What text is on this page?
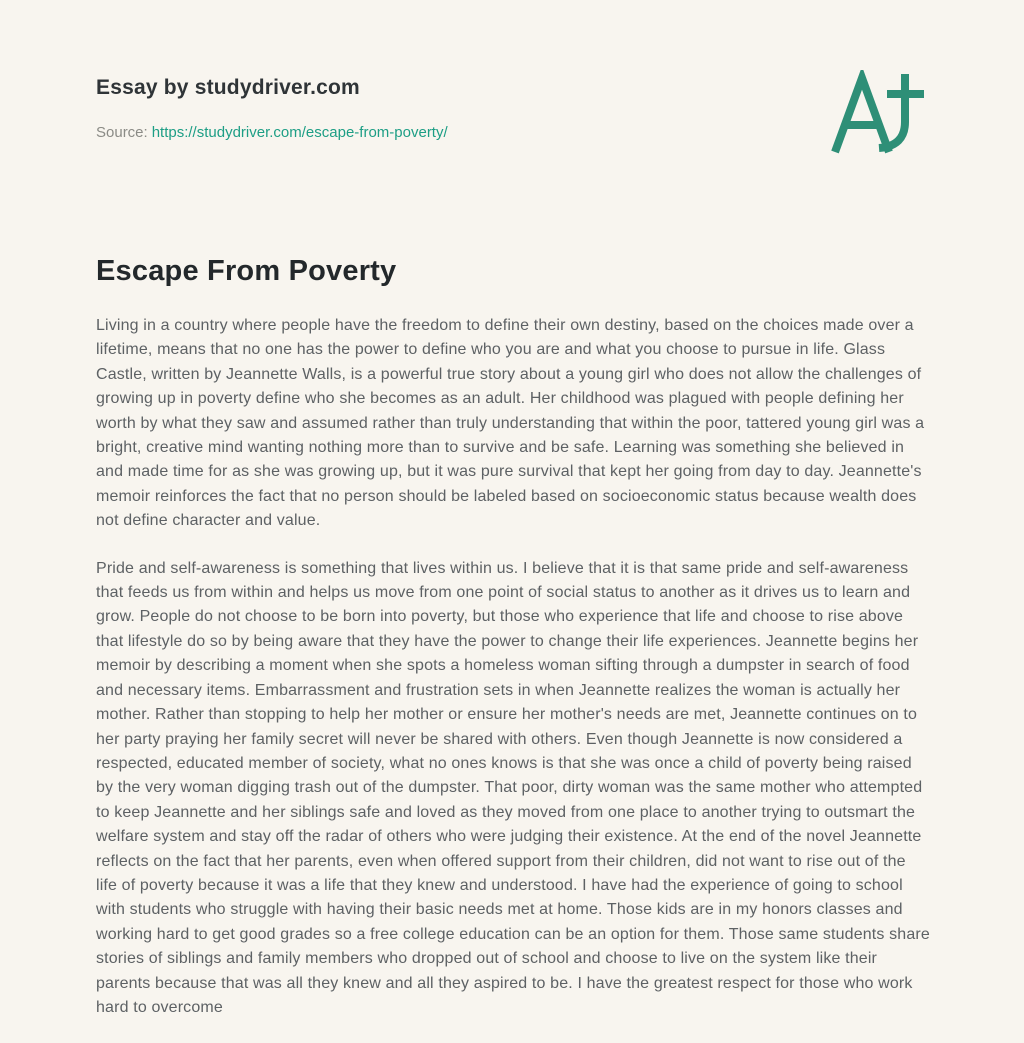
Essay by studydriver.com
Source: https://studydriver.com/escape-from-poverty/
Escape From Poverty

Living in a country where people have the freedom to define their own destiny, based on the choices made over a lifetime, means that no one has the power to define who you are and what you choose to pursue in life. Glass Castle, written by Jeannette Walls, is a powerful true story about a young girl who does not allow the challenges of growing up in poverty define who she becomes as an adult. Her childhood was plagued with people defining her worth by what they saw and assumed rather than truly understanding that within the poor, tattered young girl was a bright, creative mind wanting nothing more than to survive and be safe. Learning was something she believed in and made time for as she was growing up, but it was pure survival that kept her going from day to day. Jeannette's memoir reinforces the fact that no person should be labeled based on socioeconomic status because wealth does not define character and value.

Pride and self-awareness is something that lives within us. I believe that it is that same pride and self-awareness that feeds us from within and helps us move from one point of social status to another as it drives us to learn and grow. People do not choose to be born into poverty, but those who experience that life and choose to rise above that lifestyle do so by being aware that they have the power to change their life experiences. Jeannette begins her memoir by describing a moment when she spots a homeless woman sifting through a dumpster in search of food and necessary items. Embarrassment and frustration sets in when Jeannette realizes the woman is actually her mother. Rather than stopping to help her mother or ensure her mother's needs are met, Jeannette continues on to her party praying her family secret will never be shared with others. Even though Jeannette is now considered a respected, educated member of society, what no ones knows is that she was once a child of poverty being raised by the very woman digging trash out of the dumpster. That poor, dirty woman was the same mother who attempted to keep Jeannette and her siblings safe and loved as they moved from one place to another trying to outsmart the welfare system and stay off the radar of others who were judging their existence. At the end of the novel Jeannette reflects on the fact that her parents, even when offered support from their children, did not want to rise out of the life of poverty because it was a life that they knew and understood. I have had the experience of going to school with students who struggle with having their basic needs met at home. Those kids are in my honors classes and working hard to get good grades so a free college education can be an option for them. Those same students share stories of siblings and family members who dropped out of school and choose to live on the system like their parents because that was all they knew and all they aspired to be. I have the greatest respect for those who work hard to overcome
